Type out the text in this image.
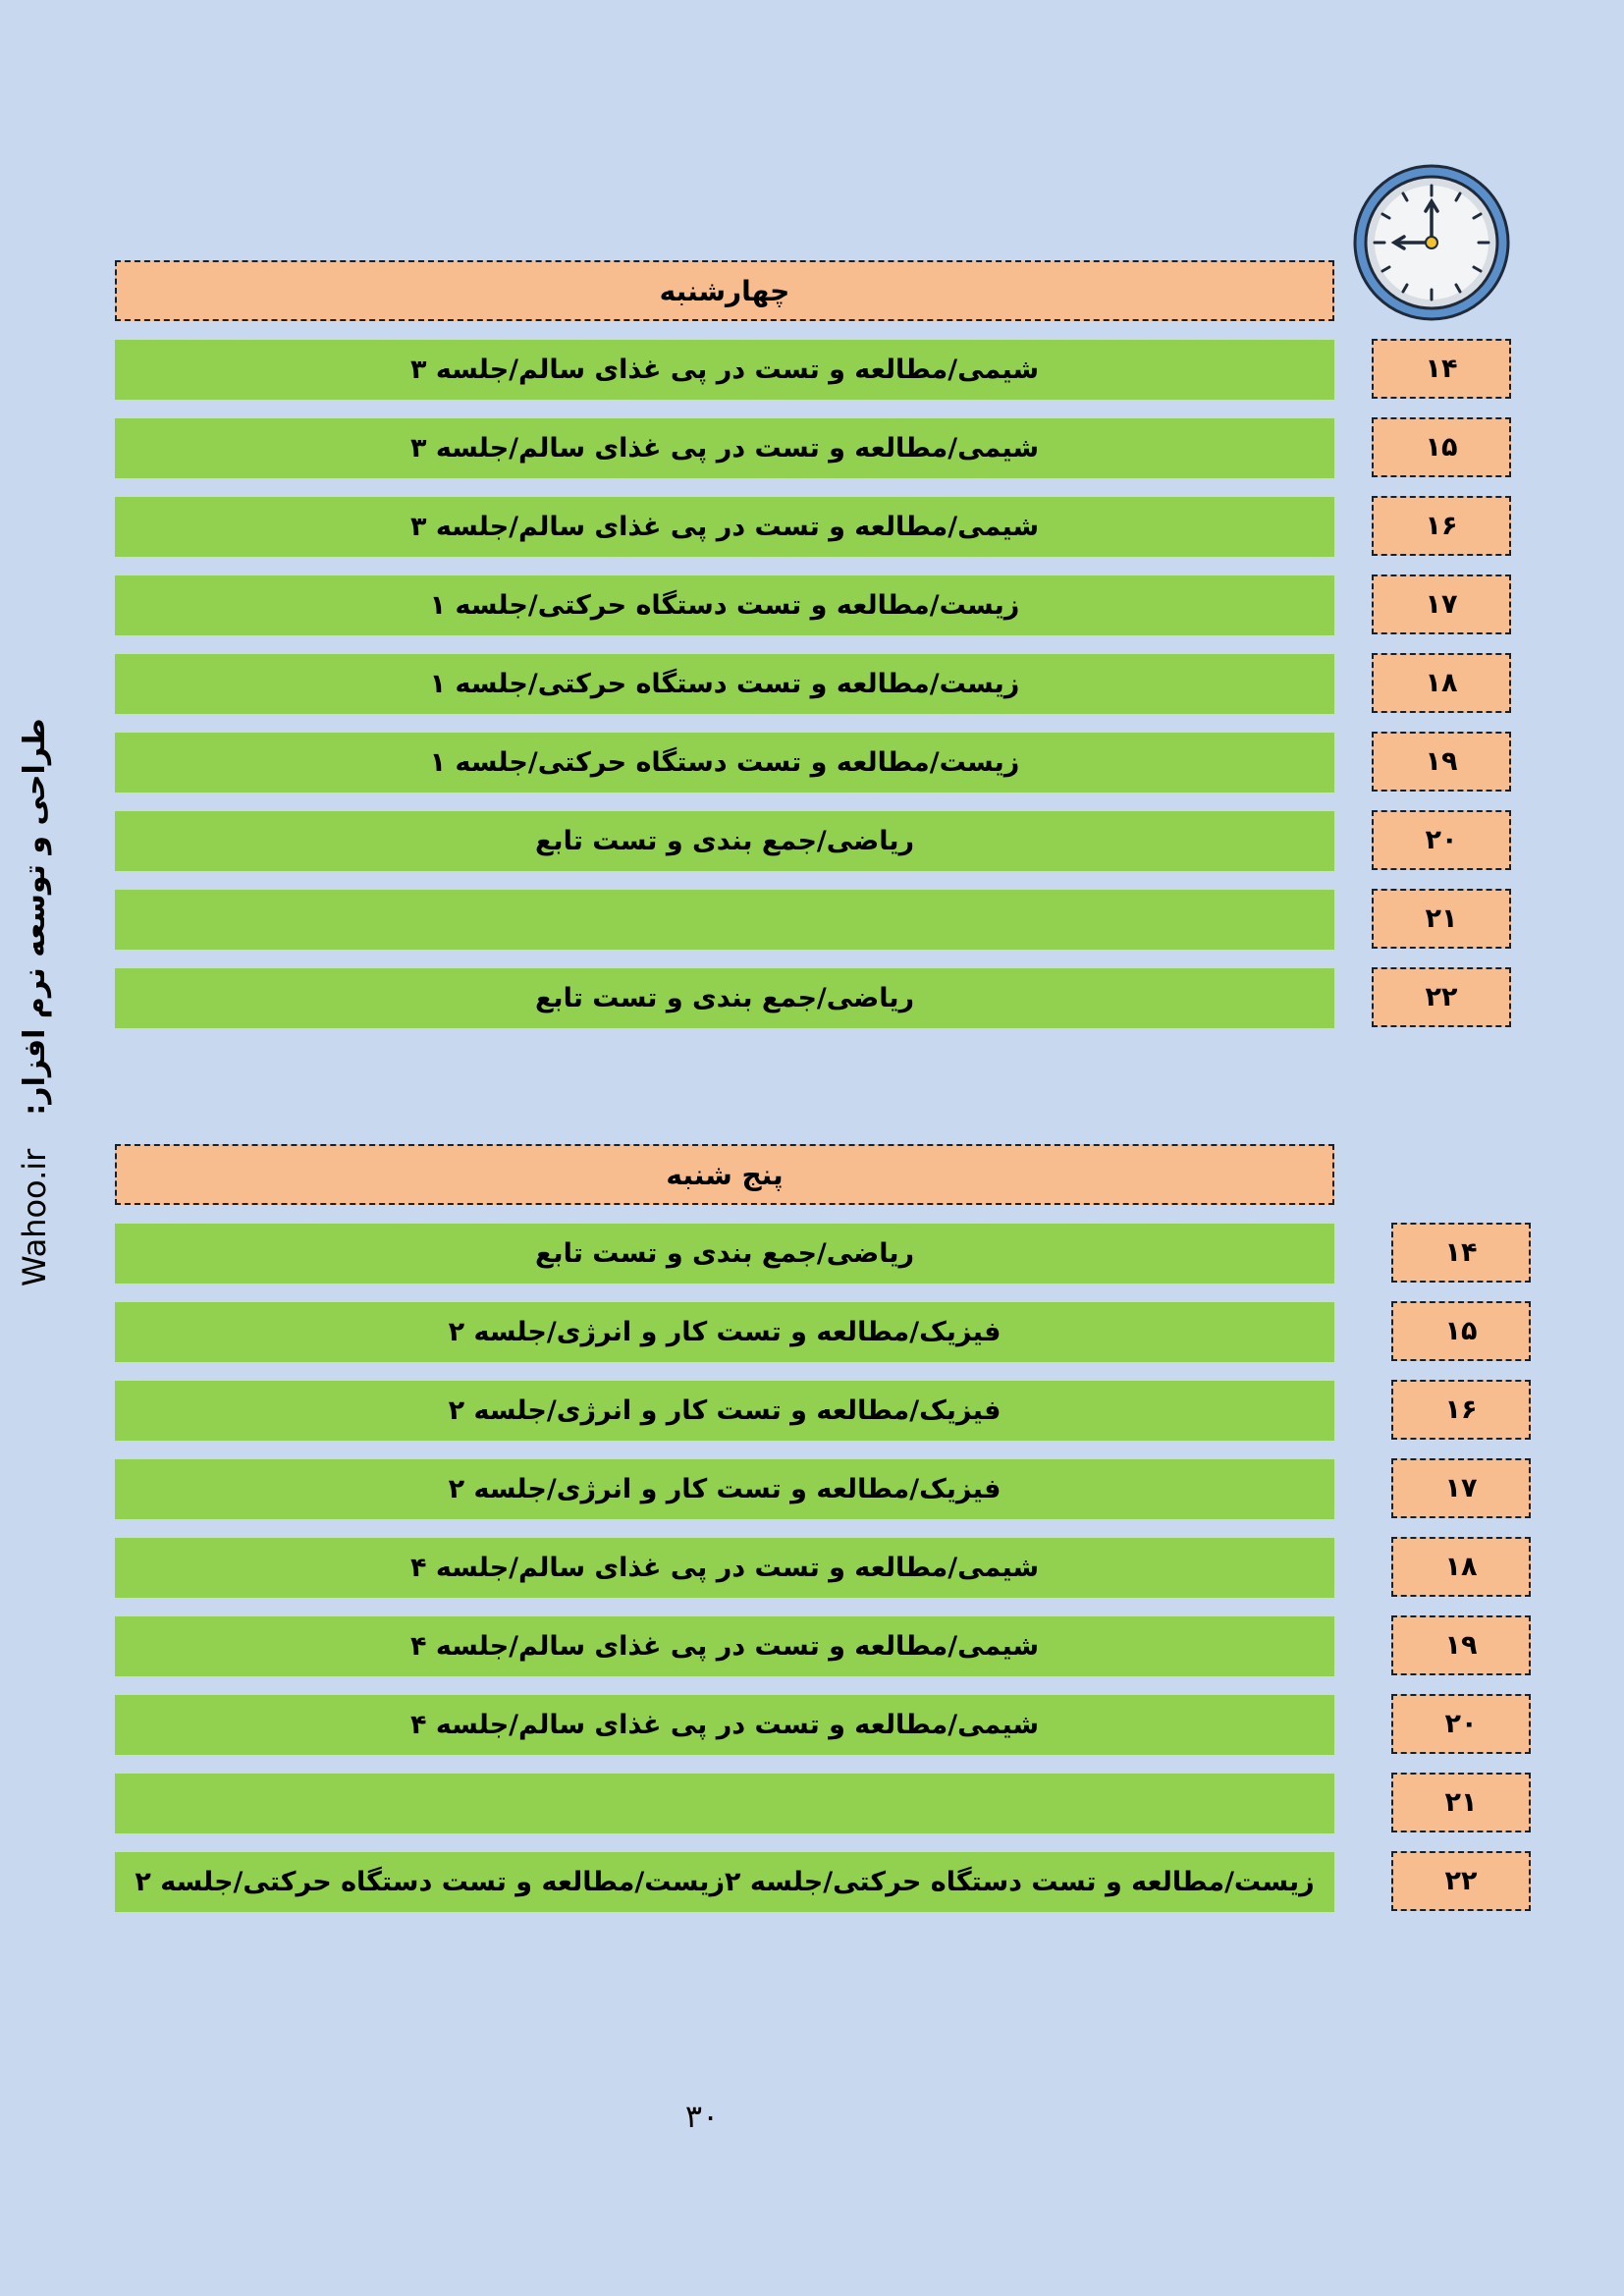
Wahoo.ir
طراحی و توسعه نرم افزار:
چهارشنبه
شیمی/مطالعه و تست در پی غذای سالم/جلسه ۳	۱۴
شیمی/مطالعه و تست در پی غذای سالم/جلسه ۳	۱۵
شیمی/مطالعه و تست در پی غذای سالم/جلسه ۳	۱۶
زیست/مطالعه و تست دستگاه حرکتی/جلسه ۱	۱۷
زیست/مطالعه و تست دستگاه حرکتی/جلسه ۱	۱۸
زیست/مطالعه و تست دستگاه حرکتی/جلسه ۱	۱۹
ریاضی/جمع بندی و تست تابع	۲۰
۲۱
ریاضی/جمع بندی و تست تابع	۲۲
پنج شنبه
ریاضی/جمع بندی و تست تابع	۱۴
فیزیک/مطالعه و تست کار و انرژی/جلسه ۲	۱۵
فیزیک/مطالعه و تست کار و انرژی/جلسه ۲	۱۶
فیزیک/مطالعه و تست کار و انرژی/جلسه ۲	۱۷
شیمی/مطالعه و تست در پی غذای سالم/جلسه ۴	۱۸
شیمی/مطالعه و تست در پی غذای سالم/جلسه ۴	۱۹
شیمی/مطالعه و تست در پی غذای سالم/جلسه ۴	۲۰
۲۱
زیست/مطالعه و تست دستگاه حرکتی/جلسه ۲زیست/مطالعه و تست دستگاه حرکتی/جلسه ۲	۲۲
۳۰
